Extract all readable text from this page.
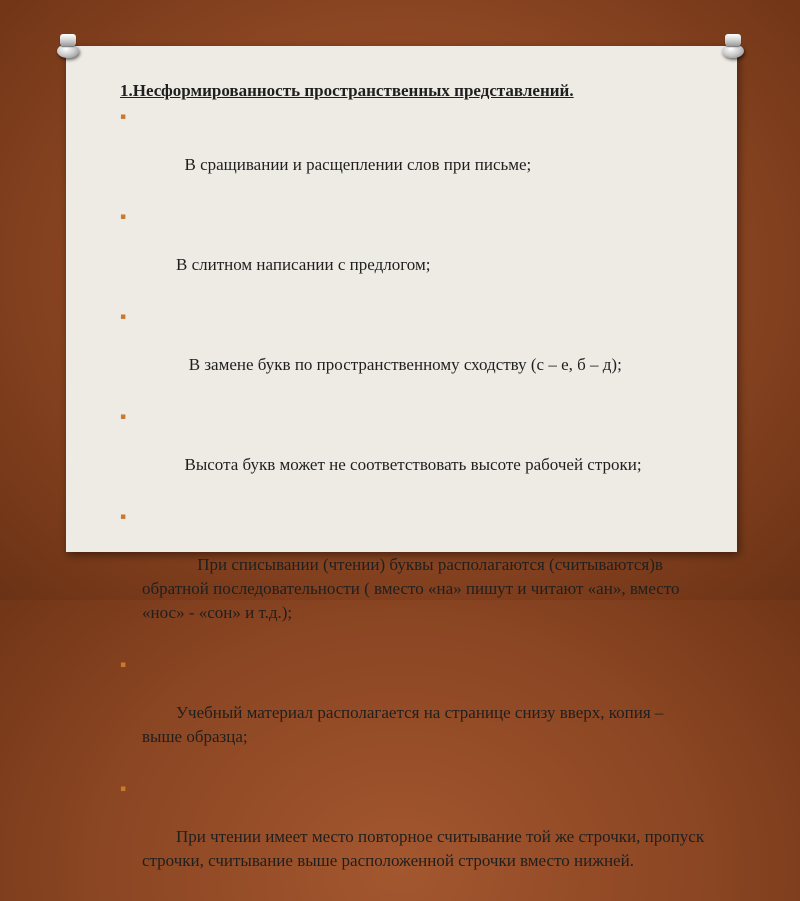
1.Несформированность пространственных представлений.

▪

В сращивании и расщеплении слов при письме;

▪

В слитном написании с предлогом;

▪

В замене букв по пространственному сходству (с – е, б – д);

▪

Высота букв может не соответствовать высоте рабочей строки;

▪

При списывании (чтении) буквы располагаются (считываются)в обратной последовательности ( вместо «на» пишут и читают «ан», вместо «нос» - «сон» и т.д.);

▪

Учебный материал располагается на странице снизу вверх, копия – выше образца;

▪

При чтении имеет место повторное считывание той же строчки, пропуск строчки, считывание выше расположенной строчки вместо нижней.
